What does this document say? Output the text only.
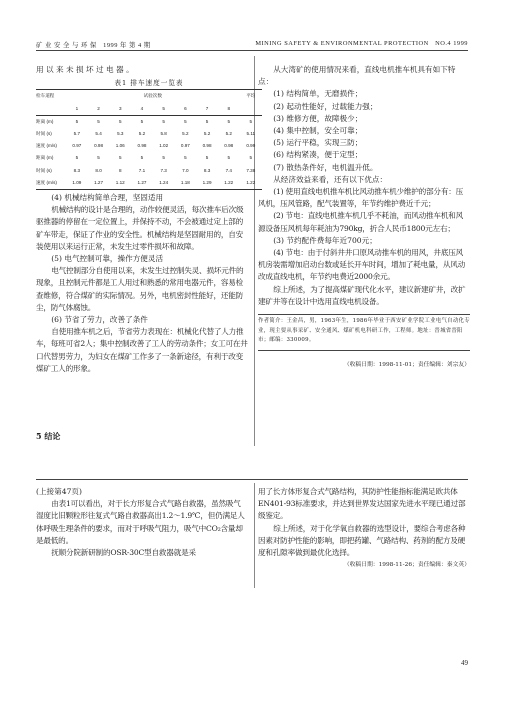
矿 业 安 全 与 环 保 1999 年 第 4 期	MINING SAFETY & ENVIRONMENTAL PROTECTION NO.4 1999

用 以 来 未 损 坏 过 电 器 。

表1 排车速度一览表
检车道程	试验次数								平均
	1	2	3	4	5	6	7	8	
距离 (m)	5	5	5	5	5	5	5	5	5
时间 (s)	5.7	5.4	5.3	5.2	5.8	5.2	5.2	5.2	5.11
速度 (m/s)	0.97	0.98	1.06	0.98	1.02	0.97	0.98	0.98	0.99
距离 (m)	5	5	5	5	5	5	5	5	5
时间 (s)	8.3	8.0	8	7.1	7.3	7.0	8.3	7.4	7.38
速度 (m/s)	1.09	1.27	1.12	1.27	1.24	1.18	1.29	1.22	1.22

(4) 机械结构简单合理，坚固适用

机械结构的设计是合理的，动作较便灵活，每次推车后次级驱推器的停留在一定位置上，并保持不动，不会被通过定上部的矿车带走，保证了作业的安全性。机械结构是坚固耐用的，自安装使用以来运行正常，未发生过零件损坏和故障。

(5) 电气控制可靠，操作方便灵活

电气控制部分自使用以来，未发生过控制失灵、损坏元件的现象，且控制元件都是工人用过和熟悉的常用电器元件，容易检查维修，符合煤矿的实际情况。另外，电机密封性能好，还能防尘，防气体腐蚀。

(6) 节省了劳力，改善了条件

自使用推车机之后，节省劳力表现在：机械化代替了人力推车，每班可省2人；集中控制改善了工人的劳动条件；女工可在井口代替男劳力，为妇女在煤矿工作多了一条新途径，有利于改变煤矿工人的形象。

5 结论

从大湾矿的使用情况来看，直线电机推车机具有如下特点：

(1) 结构简单，无磨损件；

(2) 起动性能好，过载能力强；

(3) 维修方便，故障极少；

(4) 集中控制，安全可靠；

(5) 运行平稳，实现三防；

(6) 结构紧凑，便于定型；

(7) 散热条件好，电机温升低。

从经济效益来看，还有以下优点：

(1) 使用直线电机推车机比风动推车机少维护的部分有：压风机，压风管路，配气装置等，年节约维护费近千元；

(2) 节电：直线电机推车机几乎不耗油，而风动推车机和风源设备压风机每年耗油为790kg，折合人民币1800元左右；

(3) 节约配件费每年近700元；

(4) 节电：由于付斜井井口原风动推车机的用风，井底压风机房装需增加启动台数或延长开车时间，增加了耗电量，从风动改成直线电机，年节约电费近2000余元。

综上所述，为了提高煤矿现代化水平，建议新建矿井，改扩建矿井等在设计中选用直线电机设备。

作者简介：王金昌，男，1963年生，1986年毕业于西安矿业学院工业电气自动化专业，现主要从事采矿、安全通风、煤矿机电科研工作，工程师。地址：晋城省晋阳市；邮编：330009。

（收稿日期：1998-11-01；责任编辑：刘宗友）

(上接第47页)

由表1可以看出，对于长方形复合式气路自救器，虽然吸气湿度比旧颗粒形往复式气路自救器高出1.2～1.9℃，但仍满足人体呼吸生理条件的要求，而对于呼吸气阻力，吸气中CO₂含量却是最低的。

抚顺分院新研制的OSR-30C型自救器就是采

用了长方体形复合式气路结构，其防护性能指标能满足欧共体EN401-93标准要求，并达到世界发达国家先进水平现已通过部级鉴定。

综上所述，对于化学氧自救器的选型设计，要综合考虑各种因素对防护性能的影响，即把药罐、气路结构、药剂的配方及硬度和孔隙率做到最优化选择。

（收稿日期：1998-11-26；责任编辑：秦文英）

49
